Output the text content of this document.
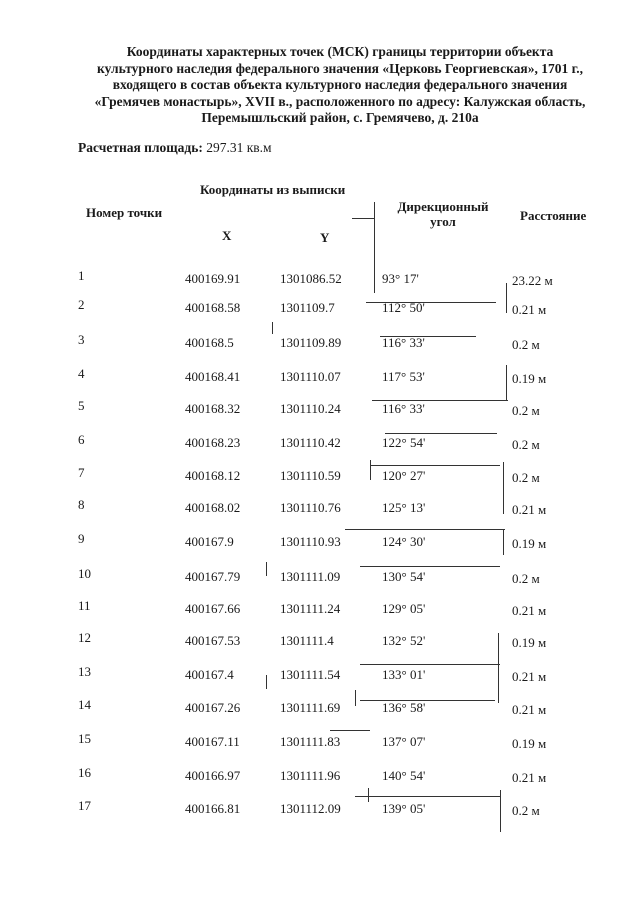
Координаты характерных точек (МСК) границы территории объекта
культурного наследия федерального значения «Церковь Георгиевская», 1701 г.,
входящего в состав объекта культурного наследия федерального значения
«Гремячев монастырь», XVII в., расположенного по адресу: Калужская область,
Перемышльский район, с. Гремячево, д. 210а
Расчетная площадь: 297.31 кв.м
Координаты из выписки
Номер точки
X	Y
Дирекционный
угол	Расстояние
1	400169.91	1301086.52	93° 17'	23.22 м
2	400168.58	1301109.7	112° 50'	0.21 м
3	400168.5	1301109.89	116° 33'	0.2 м
4	400168.41	1301110.07	117° 53'	0.19 м
5	400168.32	1301110.24	116° 33'	0.2 м
6	400168.23	1301110.42	122° 54'	0.2 м
7	400168.12	1301110.59	120° 27'	0.2 м
8	400168.02	1301110.76	125° 13'	0.21 м
9	400167.9	1301110.93	124° 30'	0.19 м
10	400167.79	1301111.09	130° 54'	0.2 м
11	400167.66	1301111.24	129° 05'	0.21 м
12	400167.53	1301111.4	132° 52'	0.19 м
13	400167.4	1301111.54	133° 01'	0.21 м
14	400167.26	1301111.69	136° 58'	0.21 м
15	400167.11	1301111.83	137° 07'	0.19 м
16	400166.97	1301111.96	140° 54'	0.21 м
17	400166.81	1301112.09	139° 05'	0.2 м
